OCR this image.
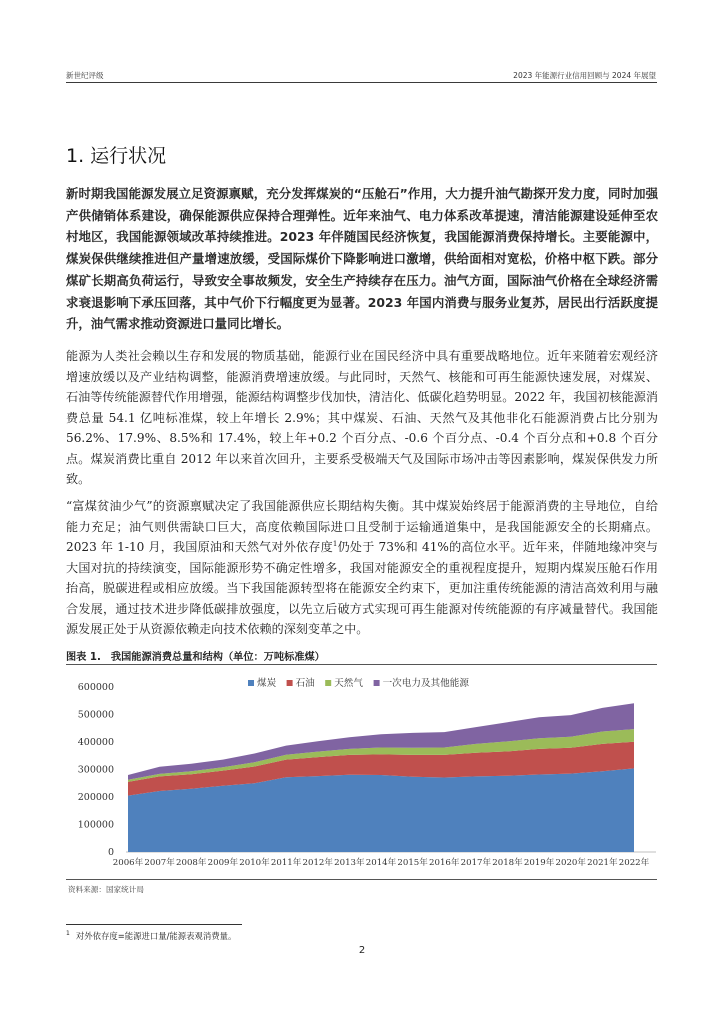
新世纪评级	2023 年能源行业信用回顾与 2024 年展望
1. 运行状况

新时期我国能源发展立足资源禀赋，充分发挥煤炭的“压舱石”作用，大力提升油气勘探开发力度，同时加强产供储销体系建设，确保能源供应保持合理弹性。近年来油气、电力体系改革提速，清洁能源建设延伸至农村地区，我国能源领域改革持续推进。2023 年伴随国民经济恢复，我国能源消费保持增长。主要能源中，煤炭保供继续推进但产量增速放缓，受国际煤价下降影响进口激增，供给面相对宽松，价格中枢下跌。部分煤矿长期高负荷运行，导致安全事故频发，安全生产持续存在压力。油气方面，国际油气价格在全球经济需求衰退影响下承压回落，其中气价下行幅度更为显著。2023 年国内消费与服务业复苏，居民出行活跃度提升，油气需求推动资源进口量同比增长。

能源为人类社会赖以生存和发展的物质基础，能源行业在国民经济中具有重要战略地位。近年来随着宏观经济增速放缓以及产业结构调整，能源消费增速放缓。与此同时，天然气、核能和可再生能源快速发展，对煤炭、石油等传统能源替代作用增强，能源结构调整步伐加快，清洁化、低碳化趋势明显。2022 年，我国初核能源消费总量 54.1 亿吨标准煤，较上年增长 2.9%；其中煤炭、石油、天然气及其他非化石能源消费占比分别为 56.2%、17.9%、8.5%和 17.4%，较上年+0.2 个百分点、-0.6 个百分点、-0.4 个百分点和+0.8 个百分点。煤炭消费比重自 2012 年以来首次回升，主要系受极端天气及国际市场冲击等因素影响，煤炭保供发力所致。

“富煤贫油少气”的资源禀赋决定了我国能源供应长期结构失衡。其中煤炭始终居于能源消费的主导地位，自给能力充足；油气则供需缺口巨大，高度依赖国际进口且受制于运输通道集中，是我国能源安全的长期痛点。2023 年 1-10 月，我国原油和天然气对外依存度$^1$仍处于 73%和 41%的高位水平。近年来，伴随地缘冲突与大国对抗的持续演变，国际能源形势不确定性增多，我国对能源安全的重视程度提升，短期内煤炭压舱石作用抬高，脱碳进程或相应放缓。当下我国能源转型将在能源安全约束下，更加注重传统能源的清洁高效利用与融合发展，通过技术进步降低碳排放强度，以先立后破方式实现可再生能源对传统能源的有序减量替代。我国能源发展正处于从资源依赖走向技术依赖的深刻变革之中。

图表 1. 我国能源消费总量和结构（单位：万吨标准煤）
0
100000
200000
300000
400000
500000
600000
2006年 2007年 2008年 2009年 2010年 2011年 2012年 2013年 2014年 2015年 2016年 2017年 2018年 2019年 2020年 2021年 2022年
煤炭 石油 天然气 一次电力及其他能源
资料来源：国家统计局
$^1$ 对外依存度=能源进口量/能源表观消费量。
2
